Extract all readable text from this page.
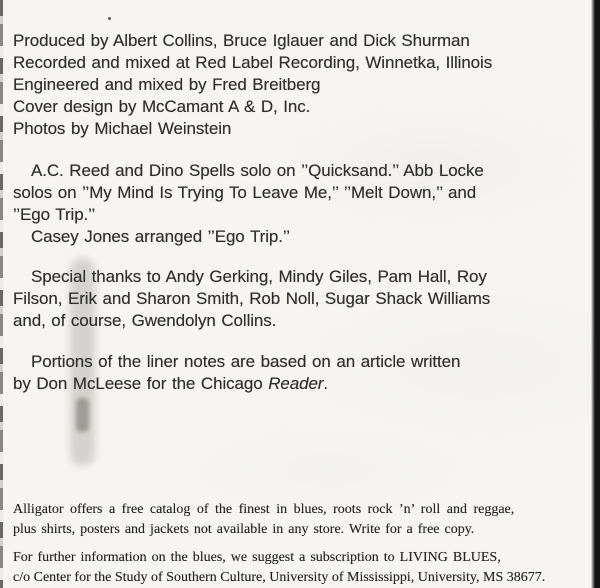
Produced by Albert Collins, Bruce Iglauer and Dick Shurman
Recorded and mixed at Red Label Recording, Winnetka, Illinois
Engineered and mixed by Fred Breitberg
Cover design by McCamant A & D, Inc.
Photos by Michael Weinstein
A.C. Reed and Dino Spells solo on ’’Quicksand.’’ Abb Locke
solos on ’’My Mind Is Trying To Leave Me,’’ ’’Melt Down,’’ and
’’Ego Trip.’’
Casey Jones arranged ’’Ego Trip.’’
Special thanks to Andy Gerking, Mindy Giles, Pam Hall, Roy
Filson, Erik and Sharon Smith, Rob Noll, Sugar Shack Williams
and, of course, Gwendolyn Collins.
Portions of the liner notes are based on an article written
by Don McLeese for the Chicago Reader.
Alligator offers a free catalog of the finest in blues, roots rock ’n’ roll and reggae,
plus shirts, posters and jackets not available in any store. Write for a free copy.
For further information on the blues, we suggest a subscription to LIVING BLUES,
c/o Center for the Study of Southern Culture, University of Mississippi, University, MS 38677.
